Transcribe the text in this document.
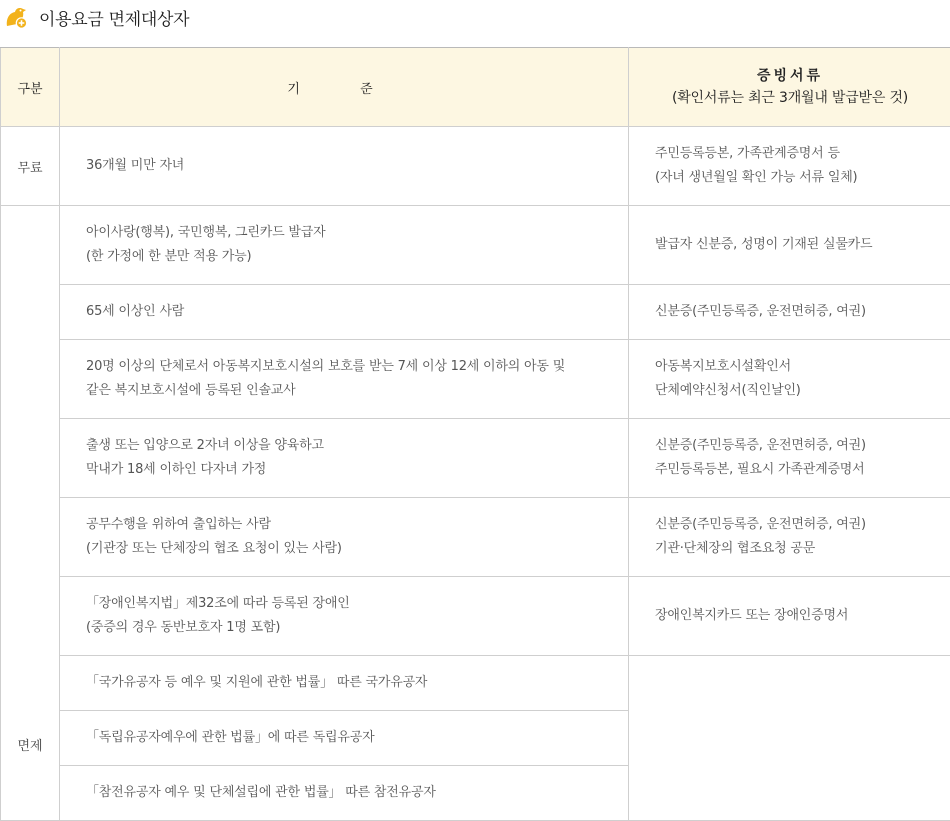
이용요금 면제대상자
구분	기 준	증빙서류
(확인서류는 최근 3개월내 발급받은 것)

무료	36개월 미만 자녀	주민등록등본, 가족관계증명서 등
(자녀 생년월일 확인 가능 서류 일체)

면제	아이사랑(행복), 국민행복, 그린카드 발급자
(한 가정에 한 분만 적용 가능)	발급자 신분증, 성명이 기재된 실물카드

	65세 이상인 사람	신분증(주민등록증, 운전면허증, 여권)

	20명 이상의 단체로서 아동복지보호시설의 보호를 받는 7세 이상 12세 이하의 아동 및
같은 복지보호시설에 등록된 인솔교사	아동복지보호시설확인서
단체예약신청서(직인날인)

	출생 또는 입양으로 2자녀 이상을 양육하고
막내가 18세 이하인 다자녀 가정	신분증(주민등록증, 운전면허증, 여권)
주민등록등본, 필요시 가족관계증명서

	공무수행을 위하여 출입하는 사람
(기관장 또는 단체장의 협조 요청이 있는 사람)	신분증(주민등록증, 운전면허증, 여권)
기관·단체장의 협조요청 공문

	「장애인복지법」제32조에 따라 등록된 장애인
(중증의 경우 동반보호자 1명 포함)	장애인복지카드 또는 장애인증명서

	「국가유공자 등 예우 및 지원에 관한 법률」 따른 국가유공자	

	「독립유공자예우에 관한 법률」에 따른 독립유공자	

	「참전유공자 예우 및 단체설립에 관한 법률」 따른 참전유공자	
